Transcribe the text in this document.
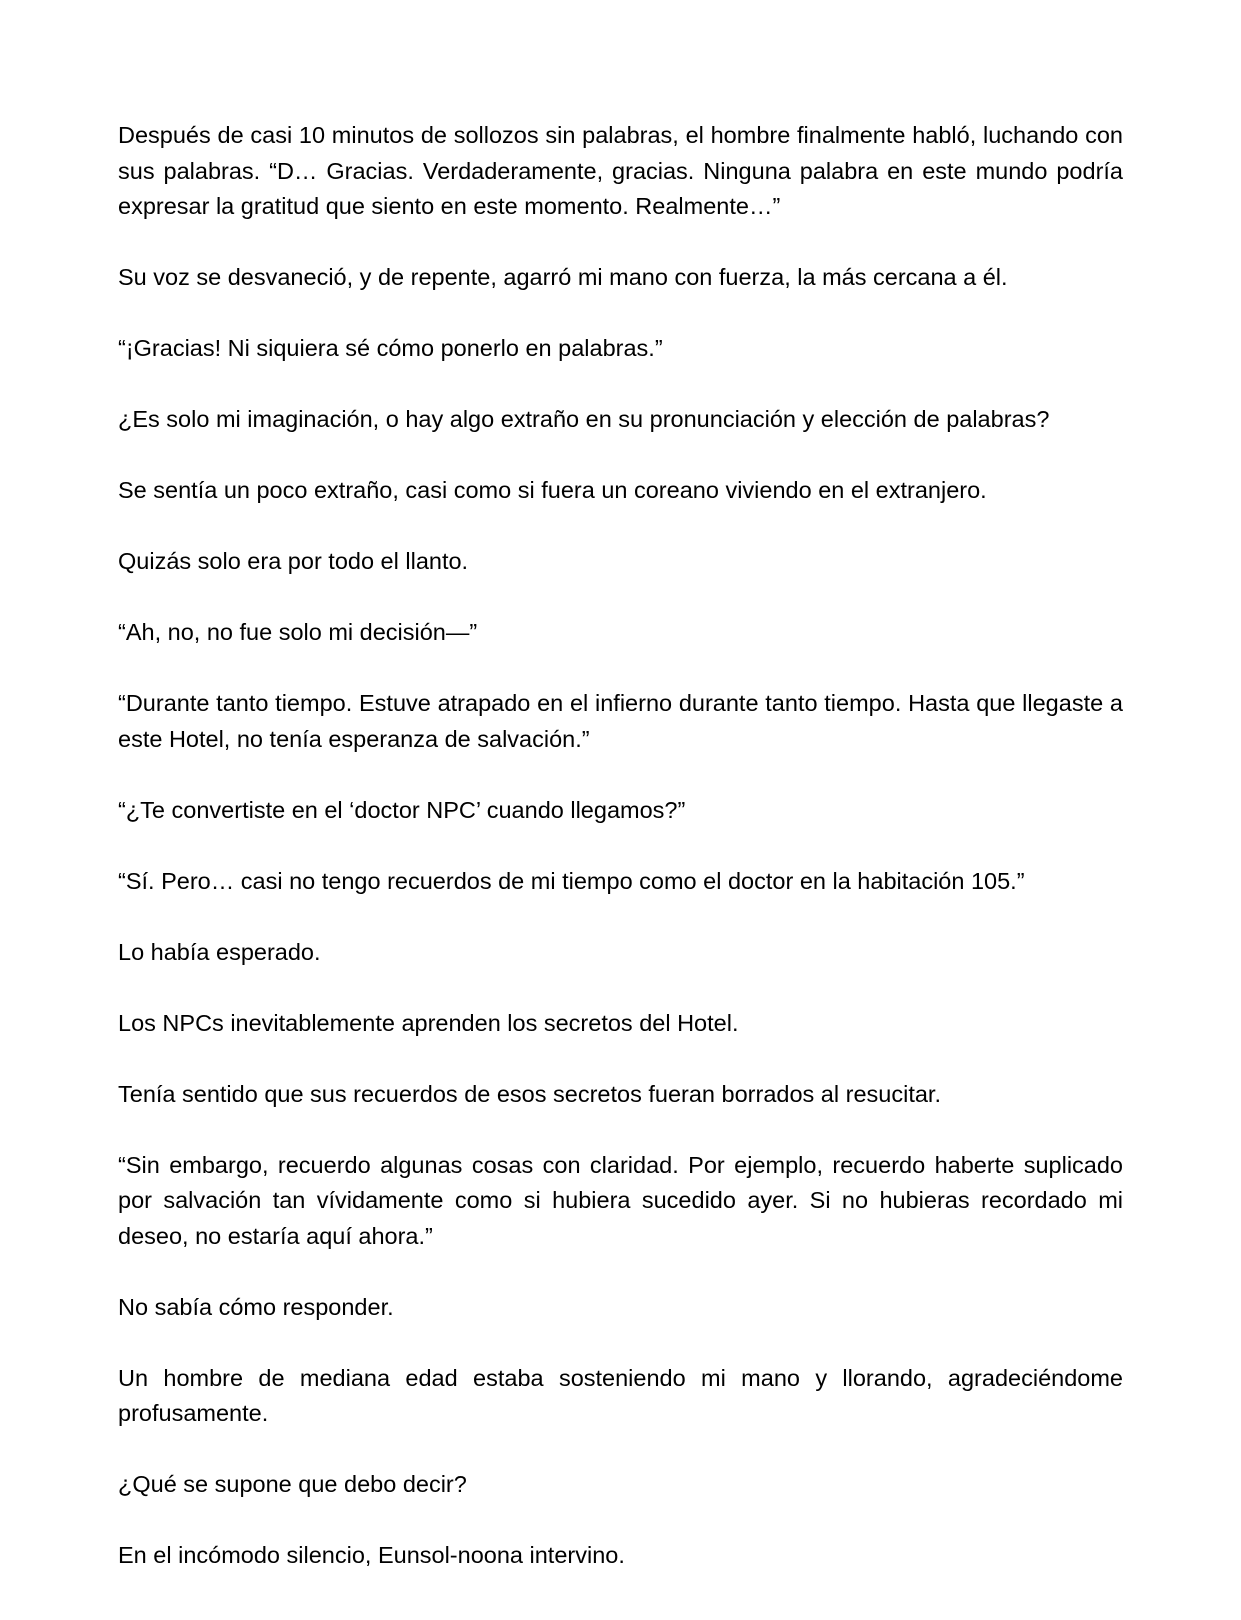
Después de casi 10 minutos de sollozos sin palabras, el hombre finalmente habló, luchando con sus palabras. “D… Gracias. Verdaderamente, gracias. Ninguna palabra en este mundo podría expresar la gratitud que siento en este momento. Realmente…”

Su voz se desvaneció, y de repente, agarró mi mano con fuerza, la más cercana a él.

“¡Gracias! Ni siquiera sé cómo ponerlo en palabras.”

¿Es solo mi imaginación, o hay algo extraño en su pronunciación y elección de palabras?

Se sentía un poco extraño, casi como si fuera un coreano viviendo en el extranjero.

Quizás solo era por todo el llanto.

“Ah, no, no fue solo mi decisión—”

“Durante tanto tiempo. Estuve atrapado en el infierno durante tanto tiempo. Hasta que llegaste a este Hotel, no tenía esperanza de salvación.”

“¿Te convertiste en el ‘doctor NPC’ cuando llegamos?”

“Sí. Pero… casi no tengo recuerdos de mi tiempo como el doctor en la habitación 105.”

Lo había esperado.

Los NPCs inevitablemente aprenden los secretos del Hotel.

Tenía sentido que sus recuerdos de esos secretos fueran borrados al resucitar.

“Sin embargo, recuerdo algunas cosas con claridad. Por ejemplo, recuerdo haberte suplicado por salvación tan vívidamente como si hubiera sucedido ayer. Si no hubieras recordado mi deseo, no estaría aquí ahora.”

No sabía cómo responder.

Un hombre de mediana edad estaba sosteniendo mi mano y llorando, agradeciéndome profusamente.

¿Qué se supone que debo decir?

En el incómodo silencio, Eunsol-noona intervino.
